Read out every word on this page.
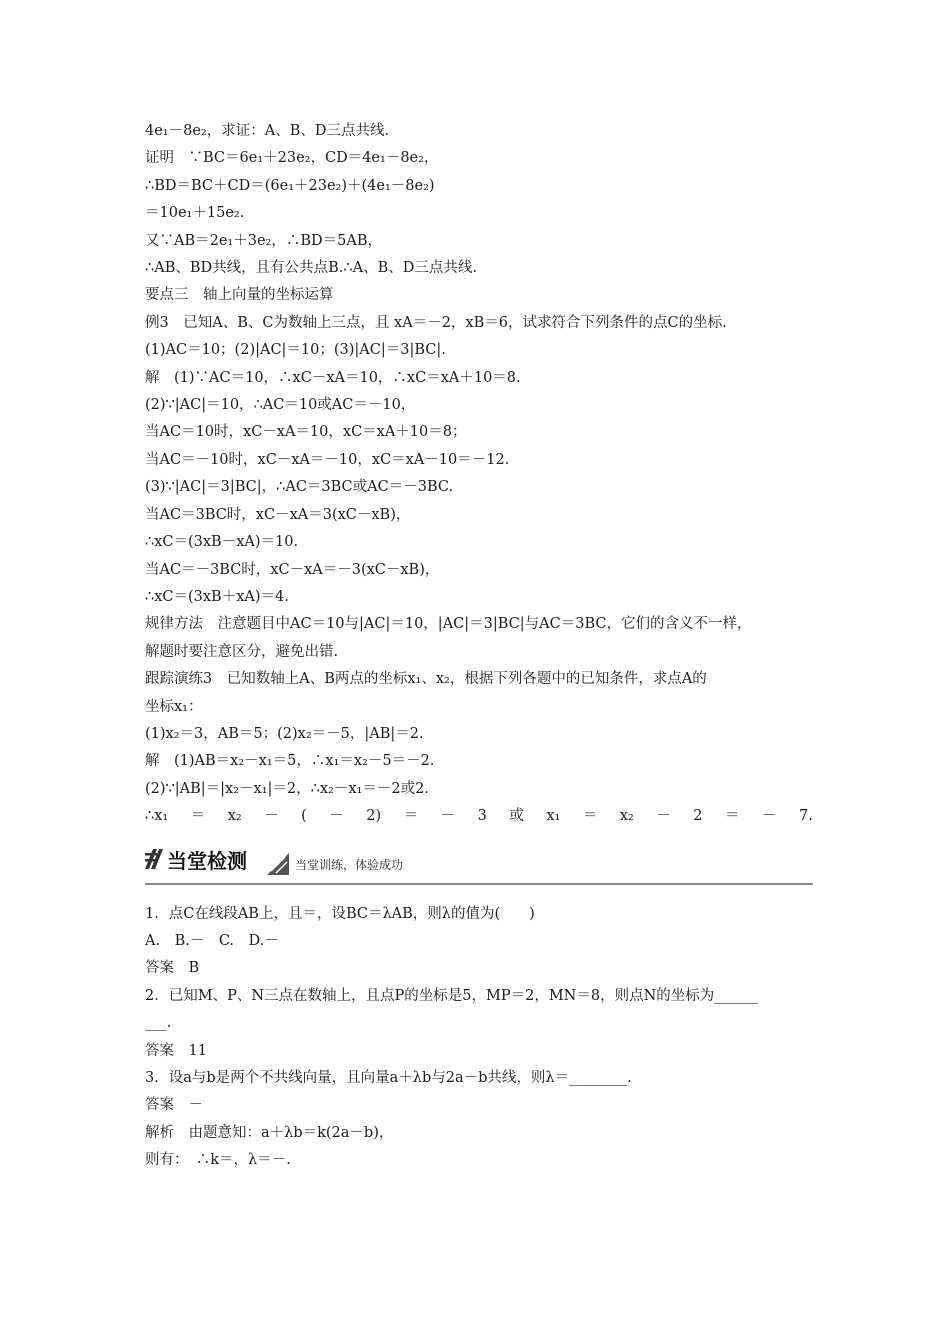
4e₁－8e₂，求证：A、B、D三点共线.
证明　∵BC＝6e₁＋23e₂，CD＝4e₁－8e₂，
∴BD＝BC＋CD＝(6e₁＋23e₂)＋(4e₁－8e₂)
＝10e₁＋15e₂.
又∵AB＝2e₁＋3e₂，∴BD＝5AB，
∴AB、BD共线，且有公共点B.∴A、B、D三点共线.
要点三　轴上向量的坐标运算
例3　已知A、B、C为数轴上三点，且 xA＝－2，xB＝6，试求符合下列条件的点C的坐标.
(1)AC＝10；(2)|AC|＝10；(3)|AC|＝3|BC|.
解　(1)∵AC＝10，∴xC－xA＝10，∴xC＝xA＋10＝8.
(2)∵|AC|＝10，∴AC＝10或AC＝－10，
当AC＝10时，xC－xA＝10，xC＝xA＋10＝8；
当AC＝－10时，xC－xA＝－10，xC＝xA－10＝－12.
(3)∵|AC|＝3|BC|，∴AC＝3BC或AC＝－3BC.
当AC＝3BC时，xC－xA＝3(xC－xB)，
∴xC＝(3xB－xA)＝10.
当AC＝－3BC时，xC－xA＝－3(xC－xB)，
∴xC＝(3xB＋xA)＝4.
规律方法　注意题目中AC＝10与|AC|＝10，|AC|＝3|BC|与AC＝3BC，它们的含义不一样，
解题时要注意区分，避免出错.
跟踪演练3　已知数轴上A、B两点的坐标x₁、x₂，根据下列各题中的已知条件，求点A的
坐标x₁：
(1)x₂＝3，AB＝5；(2)x₂＝－5，|AB|＝2.
解　(1)AB＝x₂－x₁＝5，∴x₁＝x₂－5＝－2.
(2)∵|AB|＝|x₂－x₁|＝2，∴x₂－x₁＝－2或2.
∴x₁ ＝ x₂ － ( － 2) ＝ － 3 或 x₁ ＝ x₂ － 2 ＝ － 7.
当堂检测	当堂训练，体验成功
1．点C在线段AB上，且＝，设BC＝λAB，则λ的值为(　　)
A.　B.－　C.　D.－
答案　B
2．已知M、P、N三点在数轴上，且点P的坐标是5，MP＝2，MN＝8，则点N的坐标为______
___.
答案　11
3．设a与b是两个不共线向量，且向量a＋λb与2a－b共线，则λ＝________.
答案　－
解析　由题意知：a＋λb＝k(2a－b)，
则有：　∴k＝，λ＝－.
